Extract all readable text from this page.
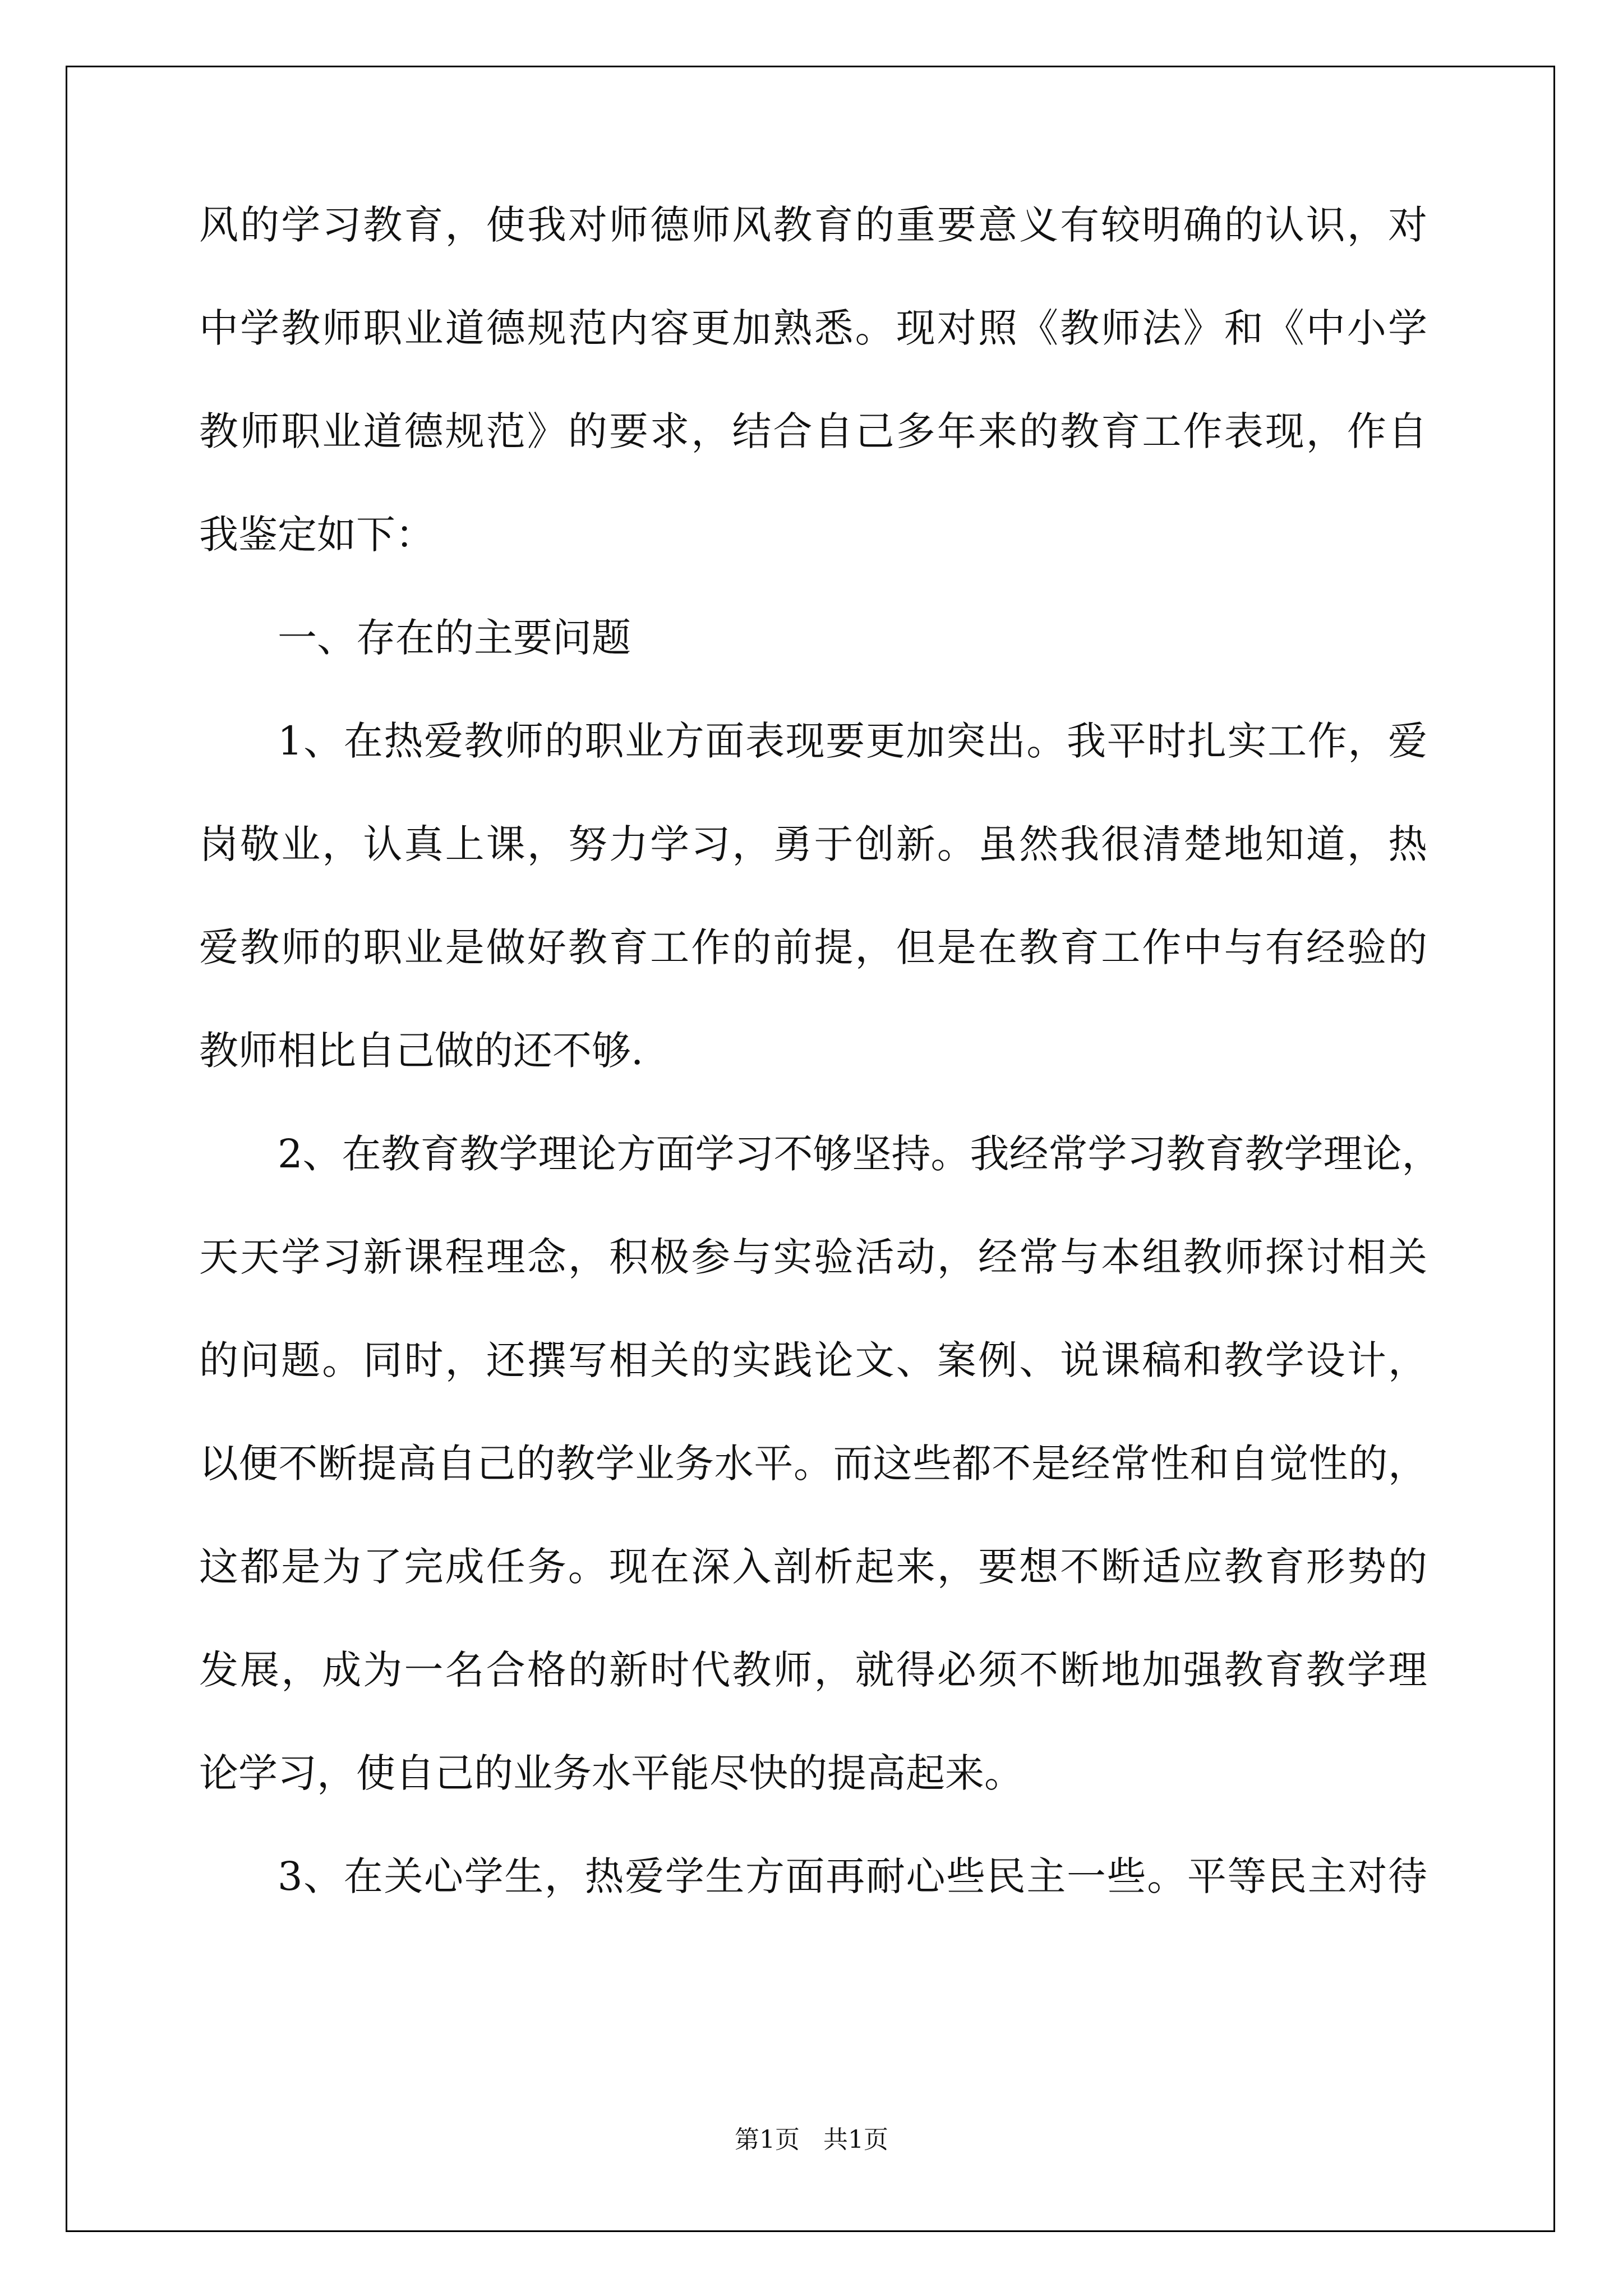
风的学习教育，使我对师德师风教育的重要意义有较明确的认识，对
中学教师职业道德规范内容更加熟悉。现对照《教师法》和《中小学
教师职业道德规范》的要求，结合自己多年来的教育工作表现，作自
我鉴定如下：
一、存在的主要问题
1、在热爱教师的职业方面表现要更加突出。我平时扎实工作，爱
岗敬业，认真上课，努力学习，勇于创新。虽然我很清楚地知道，热
爱教师的职业是做好教育工作的前提，但是在教育工作中与有经验的
教师相比自己做的还不够.
2、在教育教学理论方面学习不够坚持。我经常学习教育教学理论，
天天学习新课程理念，积极参与实验活动，经常与本组教师探讨相关
的问题。同时，还撰写相关的实践论文、案例、说课稿和教学设计，
以便不断提高自己的教学业务水平。而这些都不是经常性和自觉性的，
这都是为了完成任务。现在深入剖析起来，要想不断适应教育形势的
发展，成为一名合格的新时代教师，就得必须不断地加强教育教学理
论学习，使自己的业务水平能尽快的提高起来。
3、在关心学生，热爱学生方面再耐心些民主一些。平等民主对待
第1页   共1页
